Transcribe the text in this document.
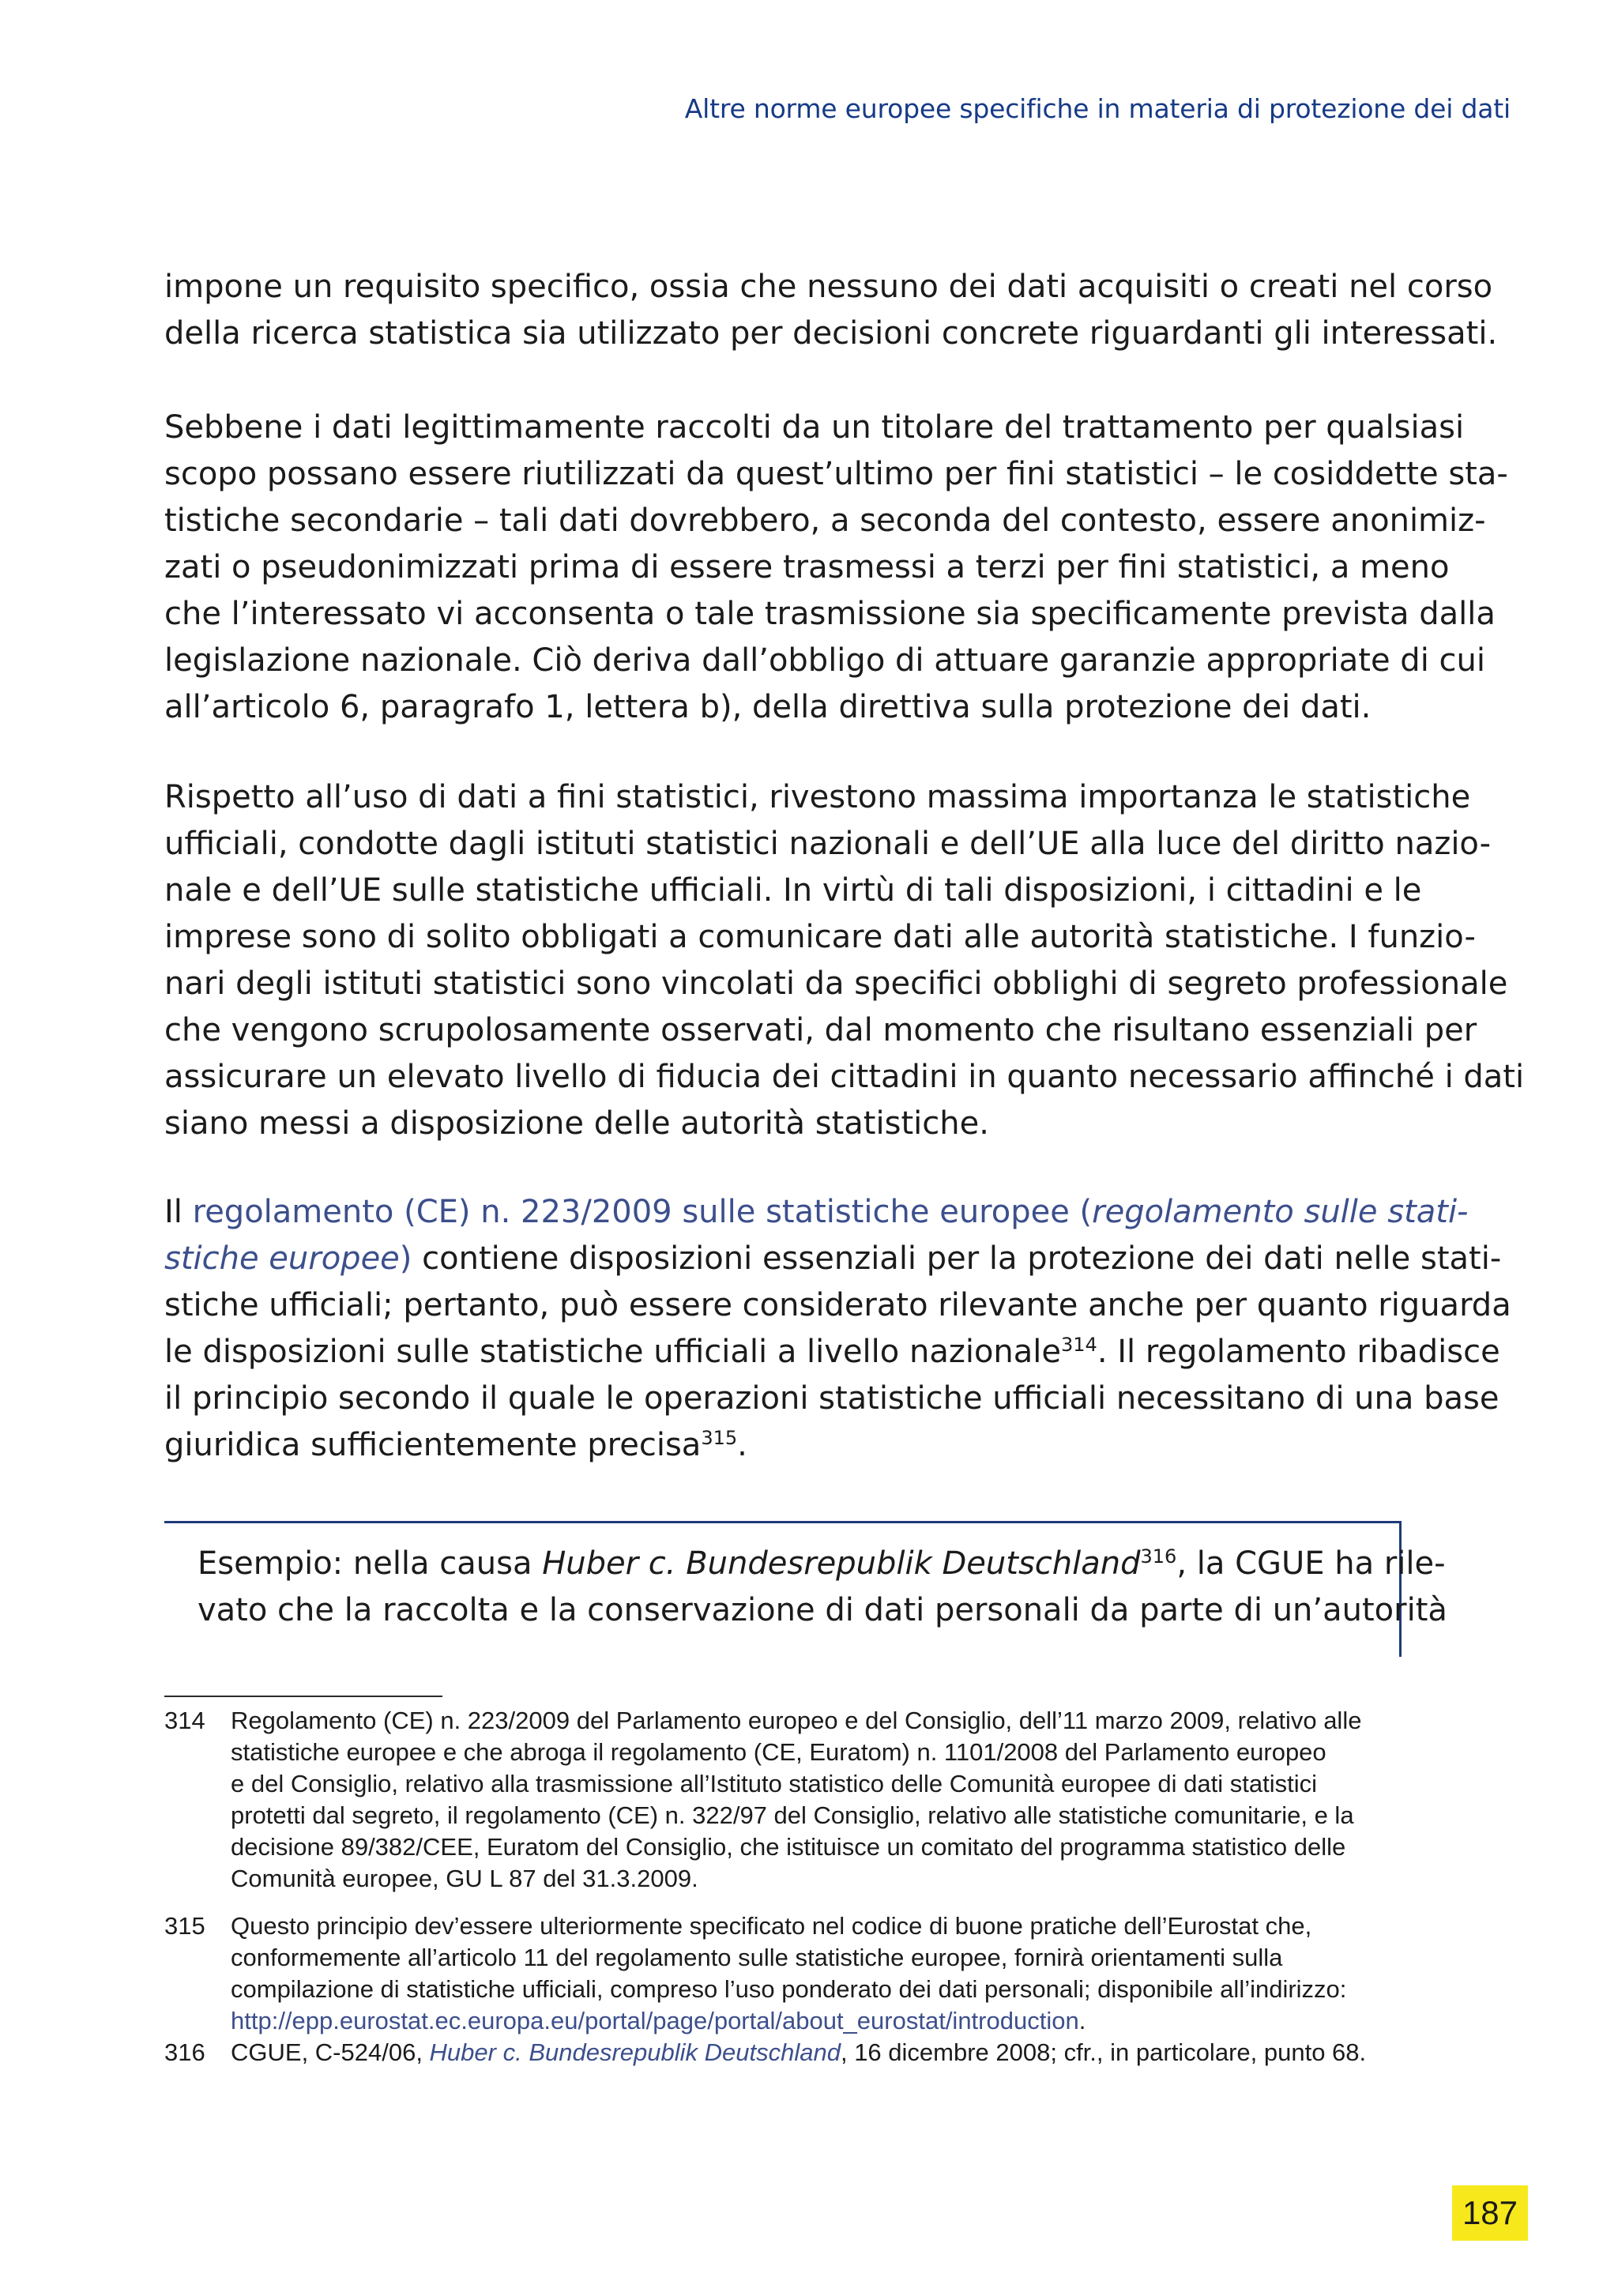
Altre norme europee specifiche in materia di protezione dei dati
impone un requisito specifico, ossia che nessuno dei dati acquisiti o creati nel corso
della ricerca statistica sia utilizzato per decisioni concrete riguardanti gli interessati.
Sebbene i dati legittimamente raccolti da un titolare del trattamento per qualsiasi
scopo possano essere riutilizzati da quest’ultimo per fini statistici – le cosiddette sta-
tistiche secondarie – tali dati dovrebbero, a seconda del contesto, essere anonimiz-
zati o pseudonimizzati prima di essere trasmessi a terzi per fini statistici, a meno
che l’interessato vi acconsenta o tale trasmissione sia specificamente prevista dalla
legislazione nazionale. Ciò deriva dall’obbligo di attuare garanzie appropriate di cui
all’articolo 6, paragrafo 1, lettera b), della direttiva sulla protezione dei dati.
Rispetto all’uso di dati a fini statistici, rivestono massima importanza le statistiche
ufficiali, condotte dagli istituti statistici nazionali e dell’UE alla luce del diritto nazio-
nale e dell’UE sulle statistiche ufficiali. In virtù di tali disposizioni, i cittadini e le
imprese sono di solito obbligati a comunicare dati alle autorità statistiche. I funzio-
nari degli istituti statistici sono vincolati da specifici obblighi di segreto professionale
che vengono scrupolosamente osservati, dal momento che risultano essenziali per
assicurare un elevato livello di fiducia dei cittadini in quanto necessario affinché i dati
siano messi a disposizione delle autorità statistiche.
Il regolamento (CE) n. 223/2009 sulle statistiche europee (regolamento sulle stati-
stiche europee) contiene disposizioni essenziali per la protezione dei dati nelle stati-
stiche ufficiali; pertanto, può essere considerato rilevante anche per quanto riguarda
le disposizioni sulle statistiche ufficiali a livello nazionale$^{314}$. Il regolamento ribadisce
il principio secondo il quale le operazioni statistiche ufficiali necessitano di una base
giuridica sufficientemente precisa$^{315}$.
Esempio: nella causa Huber c. Bundesrepublik Deutschland$^{316}$, la CGUE ha rile-
vato che la raccolta e la conservazione di dati personali da parte di un’autorità
314 Regolamento (CE) n. 223/2009 del Parlamento europeo e del Consiglio, dell’11 marzo 2009, relativo alle
statistiche europee e che abroga il regolamento (CE, Euratom) n. 1101/2008 del Parlamento europeo
e del Consiglio, relativo alla trasmissione all’Istituto statistico delle Comunità europee di dati statistici
protetti dal segreto, il regolamento (CE) n. 322/97 del Consiglio, relativo alle statistiche comunitarie, e la
decisione 89/382/CEE, Euratom del Consiglio, che istituisce un comitato del programma statistico delle
Comunità europee, GU L 87 del 31.3.2009.
315 Questo principio dev’essere ulteriormente specificato nel codice di buone pratiche dell’Eurostat che,
conformemente all’articolo 11 del regolamento sulle statistiche europee, fornirà orientamenti sulla
compilazione di statistiche ufficiali, compreso l’uso ponderato dei dati personali; disponibile all’indirizzo:
http://epp.eurostat.ec.europa.eu/portal/page/portal/about_eurostat/introduction.
316 CGUE, C-524/06, Huber c. Bundesrepublik Deutschland, 16 dicembre 2008; cfr., in particolare, punto 68.
187
